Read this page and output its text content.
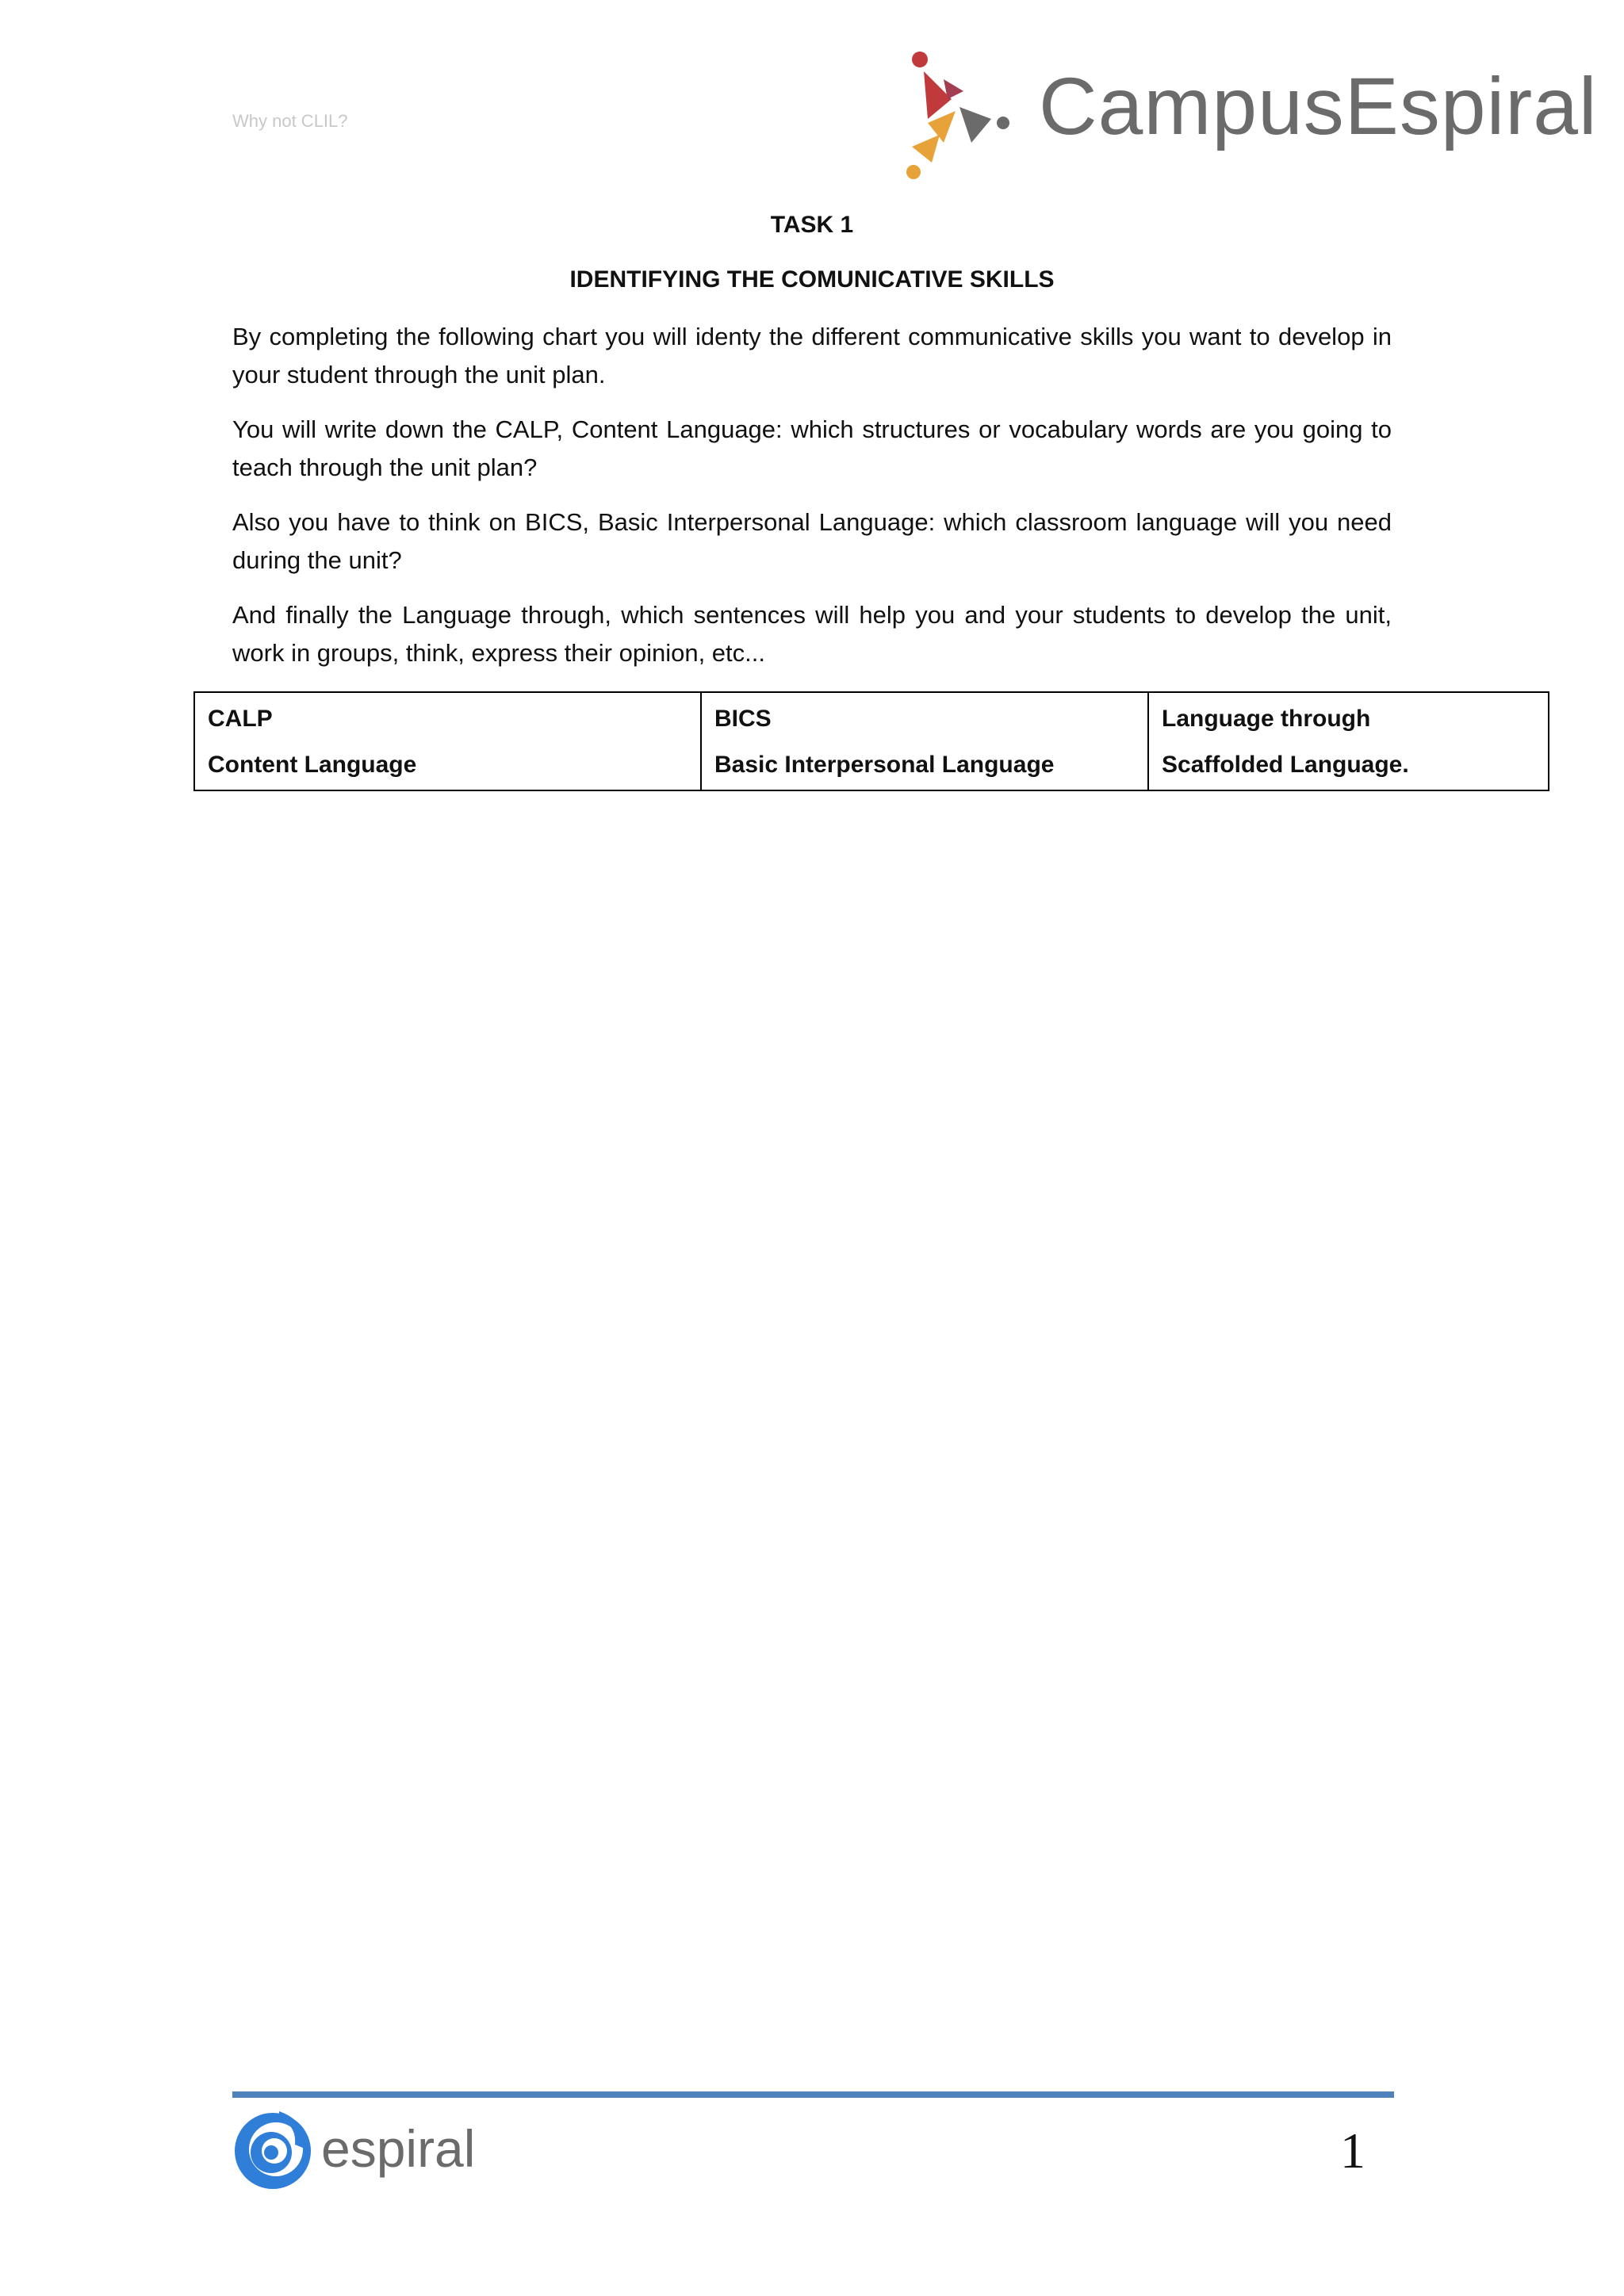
Why not CLIL?	CampusEspiral
TASK 1
IDENTIFYING THE COMUNICATIVE SKILLS

By completing the following chart you will identy the different communicative skills you want to develop in your student through the unit plan.

You will write down the CALP, Content Language: which structures or vocabulary words are you going to teach through the unit plan?

Also you have to think on BICS, Basic Interpersonal Language: which classroom language will you need during the unit?

And finally the Language through, which sentences will help you and your students to develop the unit, work in groups, think, express their opinion, etc...

CALP
Content Language

BICS
Basic Interpersonal Language

Language through
Scaffolded Language.
espiral	1
